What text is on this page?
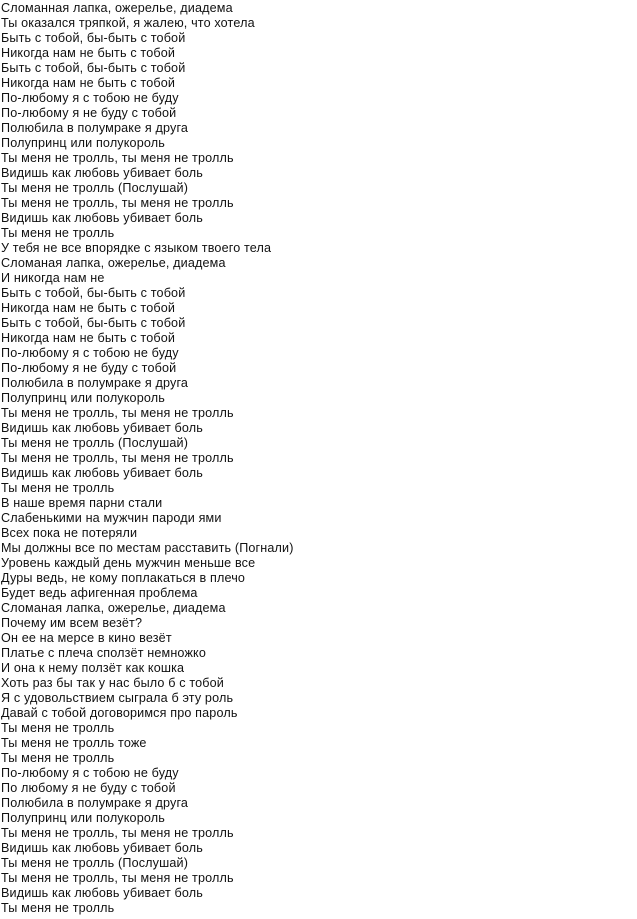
Сломанная лапка, ожерелье, диадема
Ты оказался тряпкой, я жалею, что хотела
Быть с тобой, бы-быть с тобой
Никогда нам не быть с тобой
Быть с тобой, бы-быть с тобой
Никогда нам не быть с тобой
По-любому я с тобою не буду
По-любому я не буду с тобой
Полюбила в полумраке я друга
Полупринц или полукороль
Ты меня не тролль, ты меня не тролль
Видишь как любовь убивает боль
Ты меня не тролль (Послушай)
Ты меня не тролль, ты меня не тролль
Видишь как любовь убивает боль
Ты меня не тролль
У тебя не все впорядке с языком твоего тела
Сломаная лапка, ожерелье, диадема
И никогда нам не
Быть с тобой, бы-быть с тобой
Никогда нам не быть с тобой
Быть с тобой, бы-быть с тобой
Никогда нам не быть с тобой
По-любому я с тобою не буду
По-любому я не буду с тобой
Полюбила в полумраке я друга
Полупринц или полукороль
Ты меня не тролль, ты меня не тролль
Видишь как любовь убивает боль
Ты меня не тролль (Послушай)
Ты меня не тролль, ты меня не тролль
Видишь как любовь убивает боль
Ты меня не тролль
В наше время парни стали
Слабенькими на мужчин пароди ями
Всех пока не потеряли
Мы должны все по местам расставить (Погнали)
Уровень каждый день мужчин меньше все
Дуры ведь, не кому поплакаться в плечо
Будет ведь афигенная проблема
Сломаная лапка, ожерелье, диадема
Почему им всем везёт?
Он ее на мерсе в кино везёт
Платье с плеча сползёт немножко
И она к нему ползёт как кошка
Хоть раз бы так у нас было б с тобой
Я с удовольствием сыграла б эту роль
Давай с тобой договоримся про пароль
Ты меня не тролль
Ты меня не тролль тоже
Ты меня не тролль
По-любому я с тобою не буду
По любому я не буду с тобой
Полюбила в полумраке я друга
Полупринц или полукороль
Ты меня не тролль, ты меня не тролль
Видишь как любовь убивает боль
Ты меня не тролль (Послушай)
Ты меня не тролль, ты меня не тролль
Видишь как любовь убивает боль
Ты меня не тролль
